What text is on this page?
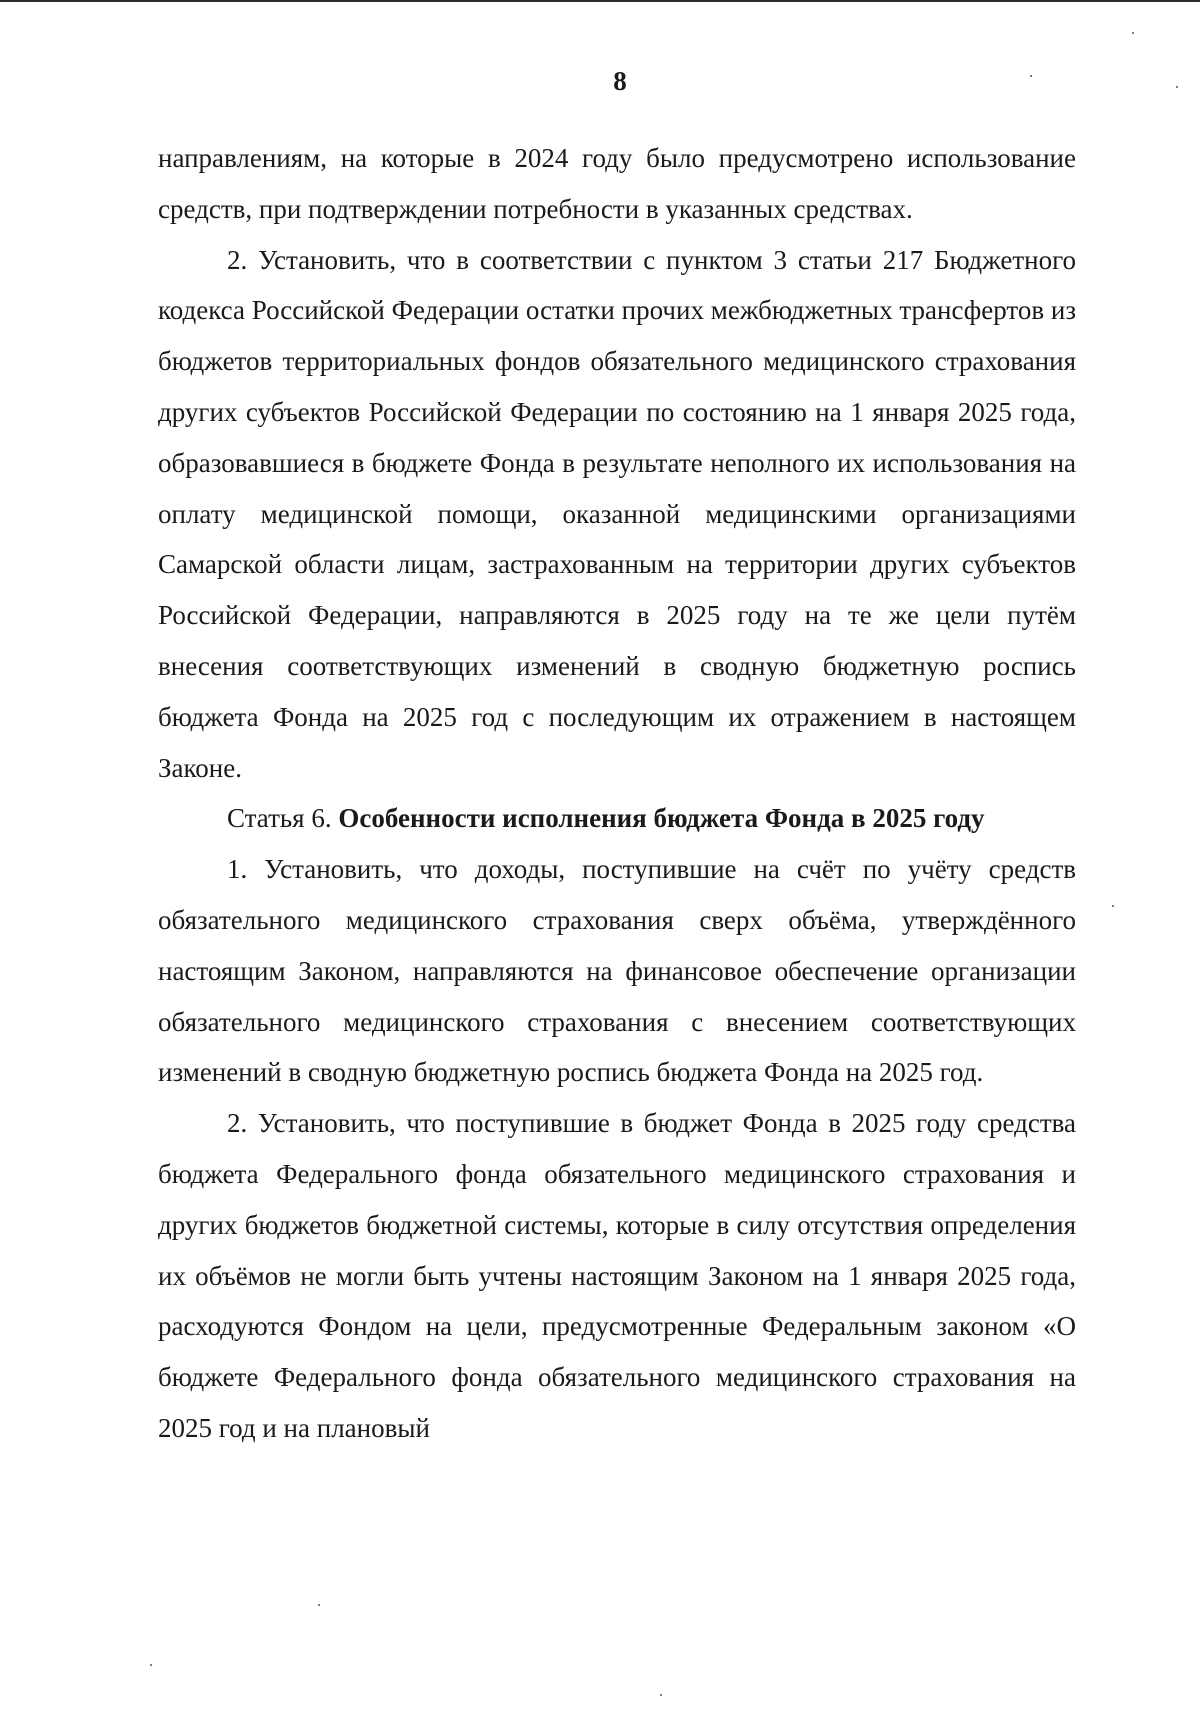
8

направлениям, на которые в 2024 году было предусмотрено использование средств, при подтверждении потребности в указанных средствах.

2. Установить, что в соответствии с пунктом 3 статьи 217 Бюджетного кодекса Российской Федерации остатки прочих межбюджетных трансфертов из бюджетов территориальных фондов обязательного медицинского страхования других субъектов Российской Федерации по состоянию на 1 января 2025 года, образовавшиеся в бюджете Фонда в результате неполного их использования на оплату медицинской помощи, оказанной медицинскими организациями Самарской области лицам, застрахованным на территории других субъектов Российской Федерации, направляются в 2025 году на те же цели путём внесения соответствующих изменений в сводную бюджетную роспись бюджета Фонда на 2025 год с последующим их отражением в настоящем Законе.

Статья 6. Особенности исполнения бюджета Фонда в 2025 году

1. Установить, что доходы, поступившие на счёт по учёту средств обязательного медицинского страхования сверх объёма, утверждённого настоящим Законом, направляются на финансовое обеспечение организации обязательного медицинского страхования с внесением соответствующих изменений в сводную бюджетную роспись бюджета Фонда на 2025 год.

2. Установить, что поступившие в бюджет Фонда в 2025 году средства бюджета Федерального фонда обязательного медицинского страхования и других бюджетов бюджетной системы, которые в силу отсутствия определения их объёмов не могли быть учтены настоящим Законом на 1 января 2025 года, расходуются Фондом на цели, предусмотренные Федеральным законом «О бюджете Федерального фонда обязательного медицинского страхования на 2025 год и на плановый
